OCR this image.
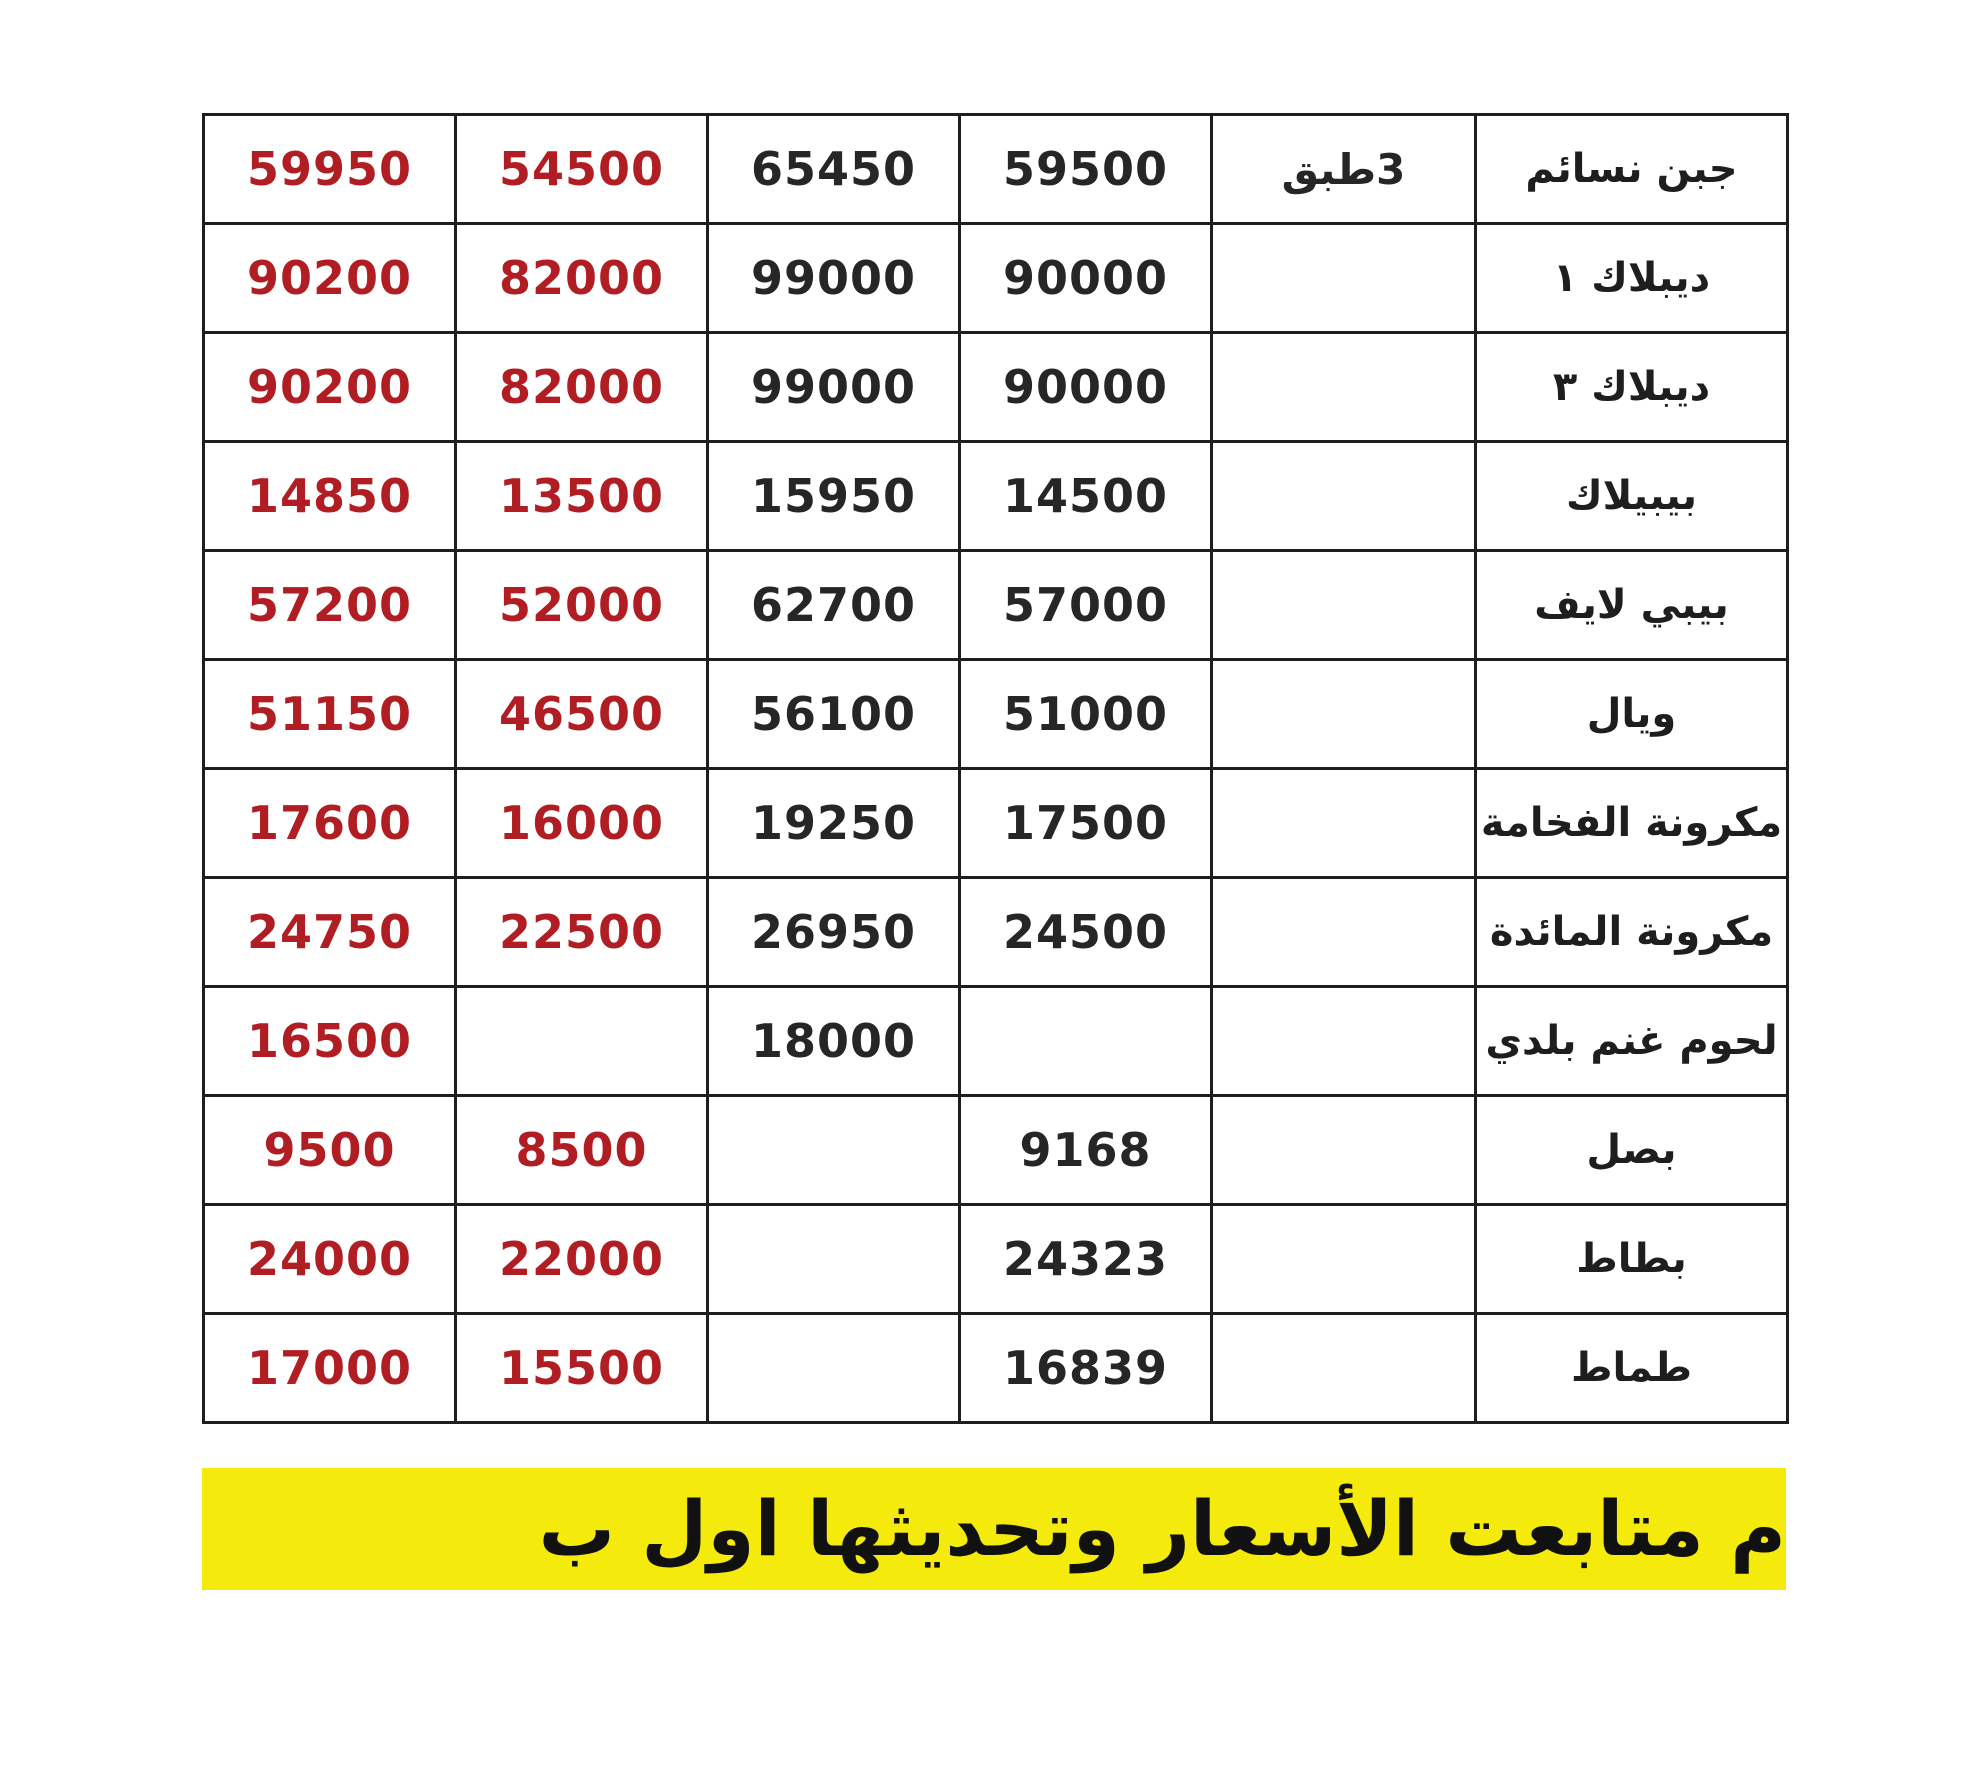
59950	54500	65450	59500	3طبق	جبن نسائم
90200	82000	99000	90000		ديبلاك ١
90200	82000	99000	90000		ديبلاك ٣
14850	13500	15950	14500		بيبيلاك
57200	52000	62700	57000		بيبي لايف
51150	46500	56100	51000		ويال
17600	16000	19250	17500		مكرونة الفخامة
24750	22500	26950	24500		مكرونة المائدة
16500		18000			لحوم غنم بلدي
9500	8500		9168		بصل
24000	22000		24323		بطاط
17000	15500		16839		طماط
م متابعت الأسعار وتحديثها اول ب
